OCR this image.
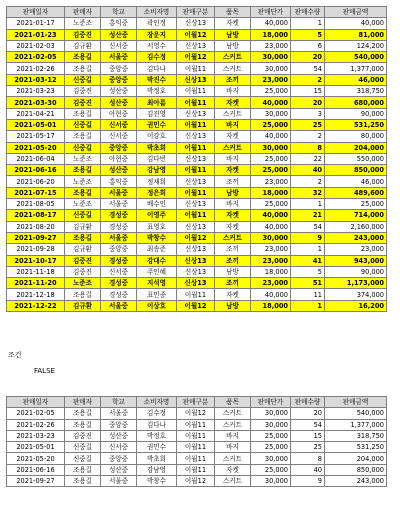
판매일자	판매자	학교	소비자명	판매구분	품목	판매단가	판매수량	판매금액
2021-01-17	노준조	홍익중	곽인정	신상13	자켓	40,000	1	40,000
2021-01-23	김중진	성산중	장운지	이월12	남방	18,000	5	81,000
2021-02-03	김규환	신서중	서영수	신상13	남방	23,000	6	124,200
2021-02-05	조용길	서울중	김수정	이월12	스커트	30,000	20	540,000
2021-02-26	조용길	중앙중	김다나	이월11	스커트	30,000	54	1,377,000
2021-03-12	신중길	중앙중	박진수	신상13	조끼	23,000	2	46,000
2021-03-23	김중진	성산중	박정호	이월11	바지	25,000	15	318,750
2021-03-30	김중진	성산중	최아름	이월11	자켓	40,000	20	680,000
2021-04-21	조용길	아현중	김진영	신상13	스커트	30,000	3	90,000
2021-05-01	신중길	신서중	권민수	이월11	바지	25,000	25	531,250
2021-05-17	조용길	신서중	이강호	신상13	자켓	40,000	2	80,000
2021-05-20	신중길	중앙중	박초희	이월11	스커트	30,000	8	204,000
2021-06-04	노준조	아현중	김다빈	신상13	바지	25,000	22	550,000
2021-06-16	조용길	성산중	강남영	이월11	자켓	25,000	40	850,000
2021-06-20	노준조	홍익중	정재희	신상13	조끼	23,000	2	46,000
2021-07-15	조용길	서울중	정은희	이월11	남방	18,000	32	489,600
2021-08-05	노준조	서울중	배수인	신상13	바지	25,000	1	25,000
2021-08-17	신중길	경성중	이영주	이월11	자켓	40,000	21	714,000
2021-08-20	김규환	경성중	표영호	신상13	자켓	40,000	54	2,160,000
2021-09-27	조용길	서울중	박창수	이월12	스커트	30,000	9	243,000
2021-09-28	김규환	중앙중	최송준	신상13	조끼	23,000	1	23,000
2021-10-17	김중진	경성중	강대수	신상13	조끼	23,000	41	943,000
2021-11-18	김중진	신서중	주인혜	신상13	남방	18,000	5	90,000
2021-11-20	노준조	경성중	지석영	신상13	조끼	23,000	51	1,173,000
2021-12-18	조용길	경성중	표민종	이월11	자켓	40,000	11	374,000
2021-12-22	김규환	서울중	이상호	이월12	남방	18,000	1	16,200
조건
FALSE
판매일자	판매자	학교	소비자명	판매구분	품목	판매단가	판매수량	판매금액
2021-02-05	조용길	서울중	김수정	이월12	스커트	30,000	20	540,000
2021-02-26	조용길	중앙중	김다나	이월11	스커트	30,000	54	1,377,000
2021-03-23	김중진	성산중	박정호	이월11	바지	25,000	15	318,750
2021-05-01	신중길	신서중	권민수	이월11	바지	25,000	25	531,250
2021-05-20	신중길	중앙중	박초희	이월11	스커트	30,000	8	204,000
2021-06-16	조용길	성산중	강남영	이월11	자켓	25,000	40	850,000
2021-09-27	조용길	서울중	박창수	이월12	스커트	30,000	9	243,000
